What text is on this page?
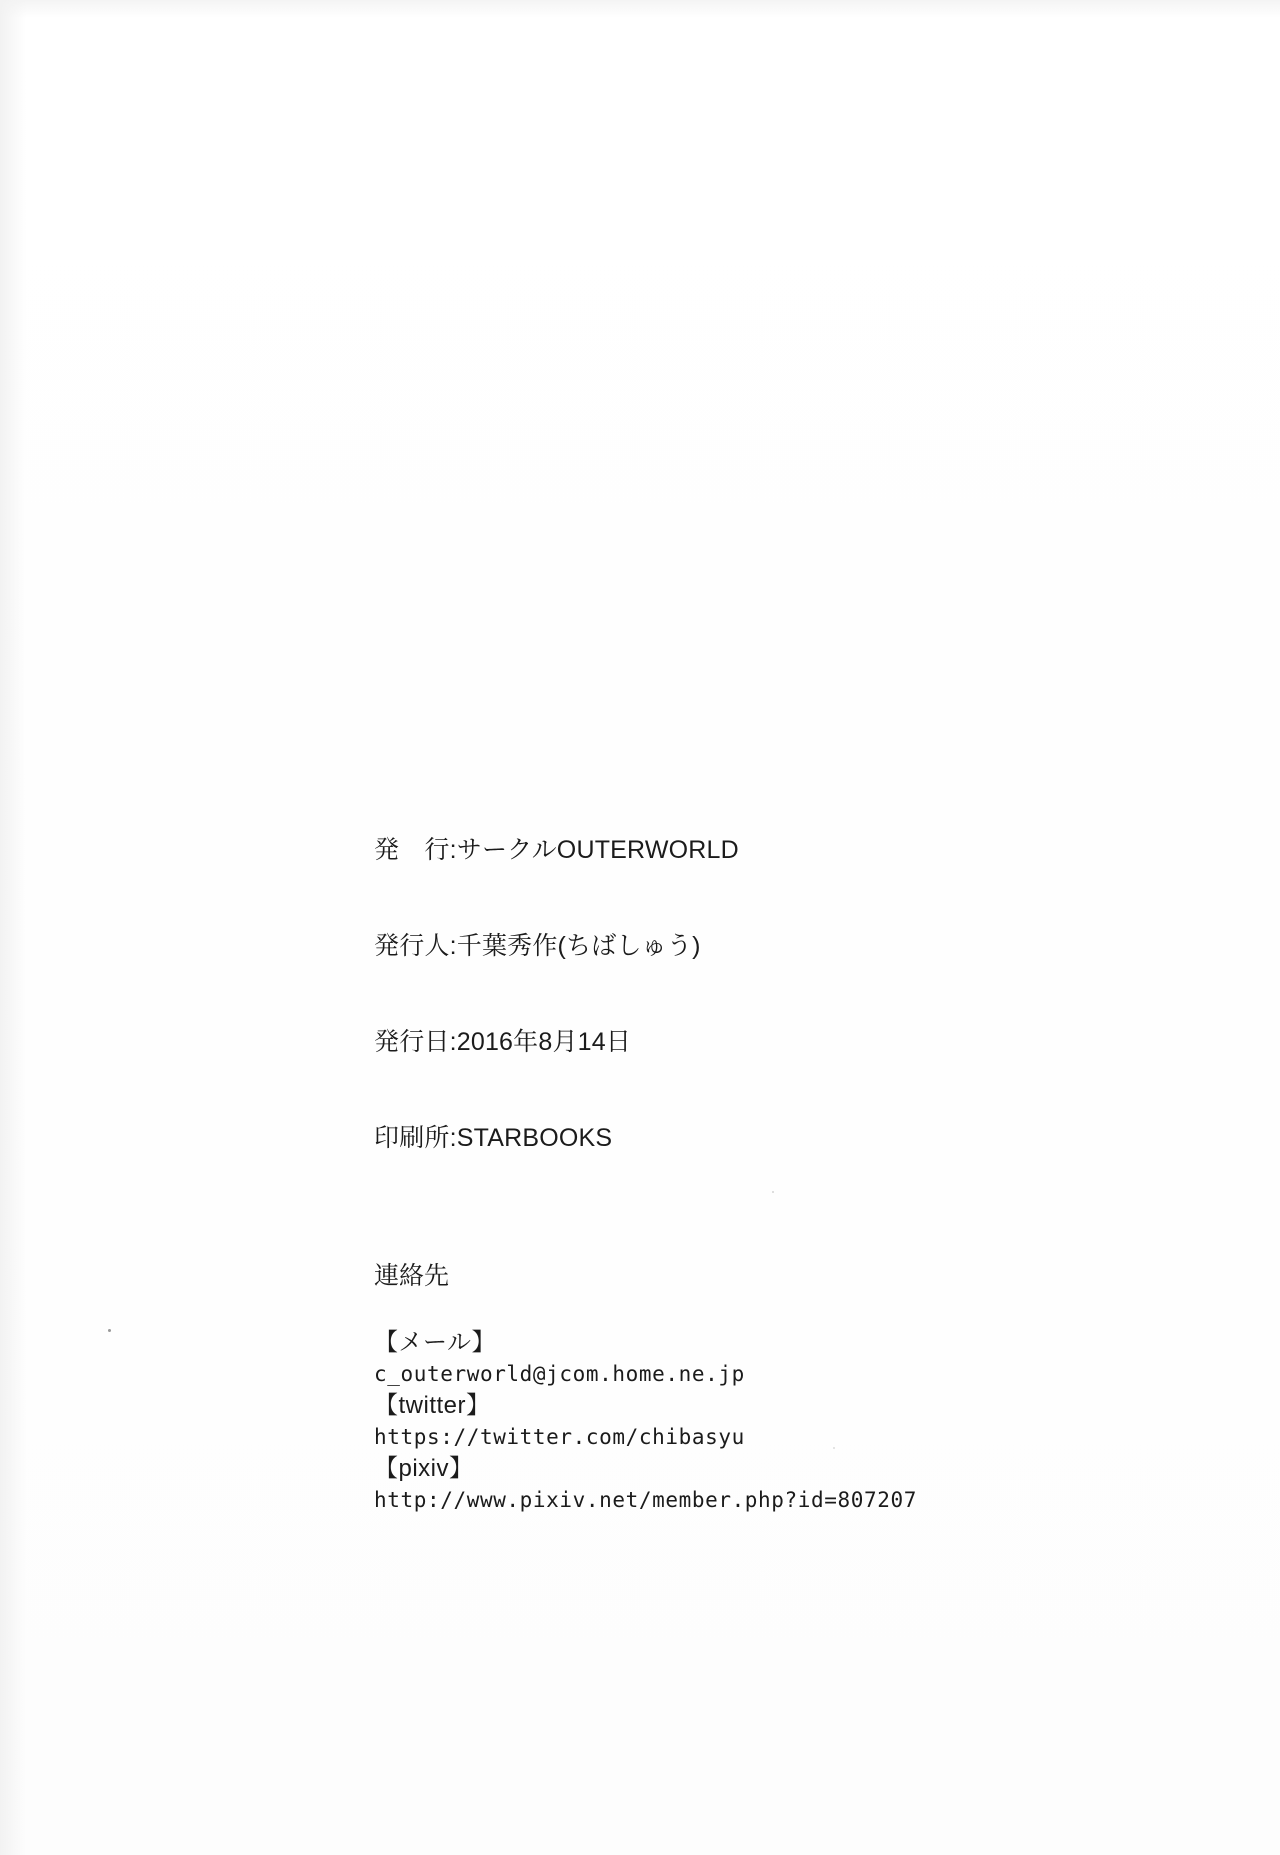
発　行:サークルOUTERWORLD

発行人:千葉秀作(ちばしゅう)

発行日:2016年8月14日

印刷所:STARBOOKS

連絡先
【メール】
c_outerworld@jcom.home.ne.jp
【twitter】
https://twitter.com/chibasyu
【pixiv】
http://www.pixiv.net/member.php?id=807207
